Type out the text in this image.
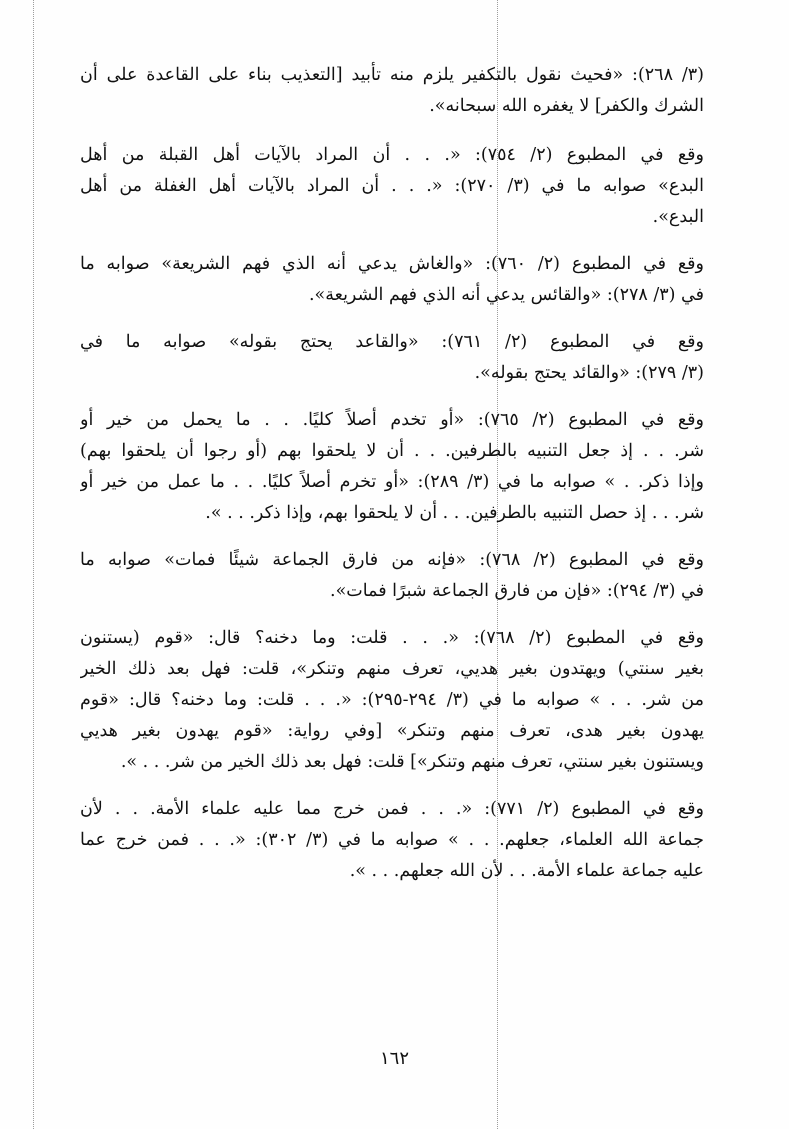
(٣/ ٢٦٨): «فحيث نقول بالتكفير يلزم منه تأبيد [التعذيب بناء على القاعدة على أن
الشرك والكفر] لا يغفره الله سبحانه».

وقع في المطبوع (٢/ ٧٥٤): «. . . أن المراد بالآيات أهل القبلة من أهل
البدع» صوابه ما في (٣/ ٢٧٠): «. . . أن المراد بالآيات أهل الغفلة من أهل
البدع».

وقع في المطبوع (٢/ ٧٦٠): «والغاش يدعي أنه الذي فهم الشريعة» صوابه ما
في (٣/ ٢٧٨): «والقائس يدعي أنه الذي فهم الشريعة».

وقع في المطبوع (٢/ ٧٦١): «والقاعد يحتج بقوله» صوابه ما في
(٣/ ٢٧٩): «والقائد يحتج بقوله».

وقع في المطبوع (٢/ ٧٦٥): «أو تخدم أصلاً كليًا. . . ما يحمل من خير أو
شر. . . إذ جعل التنبيه بالطرفين. . . أن لا يلحقوا بهم (أو رجوا أن يلحقوا بهم)
وإذا ذكر. . » صوابه ما في (٣/ ٢٨٩): «أو تخرم أصلاً كليًا. . . ما عمل من خير أو
شر. . . إذ حصل التنبيه بالطرفين. . . أن لا يلحقوا بهم، وإذا ذكر. . . ».

وقع في المطبوع (٢/ ٧٦٨): «فإنه من فارق الجماعة شيئًا فمات» صوابه ما
في (٣/ ٢٩٤): «فإن من فارق الجماعة شبرًا فمات».

وقع في المطبوع (٢/ ٧٦٨): «. . . قلت: وما دخنه؟ قال: «قوم (يستنون
بغير سنتي) ويهتدون بغير هديي، تعرف منهم وتنكر»، قلت: فهل بعد ذلك الخير
من شر. . . » صوابه ما في (٣/ ٢٩٤-٢٩٥): «. . . قلت: وما دخنه؟ قال: «قوم
يهدون بغير هدى، تعرف منهم وتنكر» [وفي رواية: «قوم يهدون بغير هديي
ويستنون بغير سنتي، تعرف منهم وتنكر»] قلت: فهل بعد ذلك الخير من شر. . . ».

وقع في المطبوع (٢/ ٧٧١): «. . . فمن خرج مما عليه علماء الأمة. . . لأن
جماعة الله العلماء، جعلهم. . . » صوابه ما في (٣/ ٣٠٢): «. . . فمن خرج عما
عليه جماعة علماء الأمة. . . لأن الله جعلهم. . . ».

١٦٢
